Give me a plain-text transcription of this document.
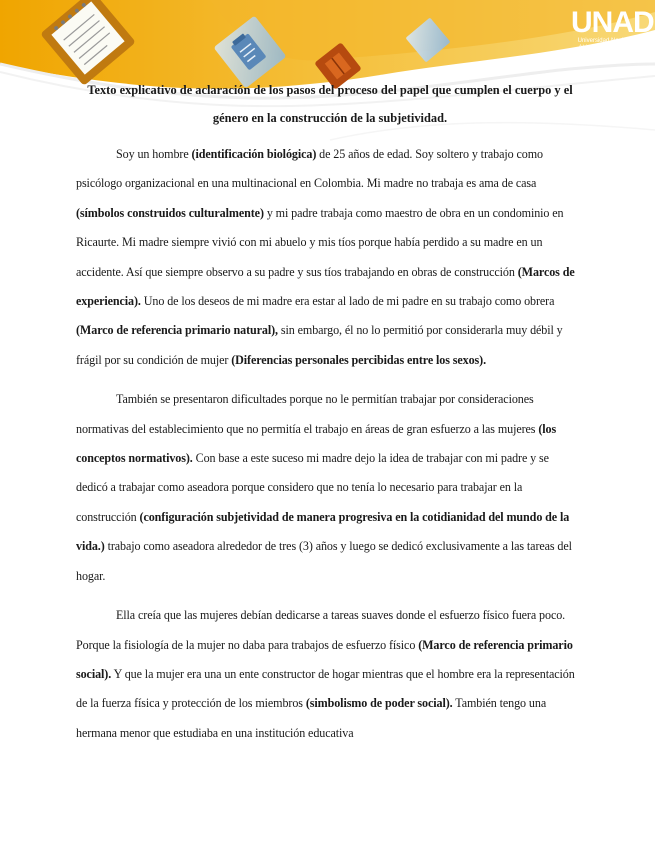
UNAD
Universidad Nacional
Abierta y a Distancia
Texto explicativo de aclaración de los pasos del proceso del papel que cumplen el cuerpo y el género en la construcción de la subjetividad.

Soy un hombre (identificación biológica) de 25 años de edad. Soy soltero y trabajo como psicólogo organizacional en una multinacional en Colombia. Mi madre no trabaja es ama de casa (símbolos construidos culturalmente) y mi padre trabaja como maestro de obra en un condominio en Ricaurte. Mi madre siempre vivió con mi abuelo y mis tíos porque había perdido a su madre en un accidente. Así que siempre observo a su padre y sus tíos trabajando en obras de construcción (Marcos de experiencia). Uno de los deseos de mi madre era estar al lado de mi padre en su trabajo como obrera (Marco de referencia primario natural), sin embargo, él no lo permitió por considerarla muy débil y frágil por su condición de mujer (Diferencias personales percibidas entre los sexos).

También se presentaron dificultades porque no le permitían trabajar por consideraciones normativas del establecimiento que no permitía el trabajo en áreas de gran esfuerzo a las mujeres (los conceptos normativos). Con base a este suceso mi madre dejo la idea de trabajar con mi padre y se dedicó a trabajar como aseadora porque considero que no tenía lo necesario para trabajar en la construcción (configuración subjetividad de manera progresiva en la cotidianidad del mundo de la vida.) trabajo como aseadora alrededor de tres (3) años y luego se dedicó exclusivamente a las tareas del hogar.

Ella creía que las mujeres debían dedicarse a tareas suaves donde el esfuerzo físico fuera poco. Porque la fisiología de la mujer no daba para trabajos de esfuerzo físico (Marco de referencia primario social). Y que la mujer era una un ente constructor de hogar mientras que el hombre era la representación de la fuerza física y protección de los miembros (simbolismo de poder social). También tengo una hermana menor que estudiaba en una institución educativa
